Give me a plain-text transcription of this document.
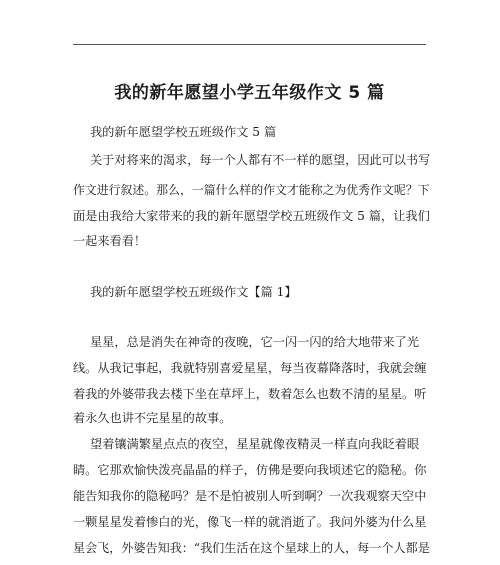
我的新年愿望小学五年级作文 5 篇
我的新年愿望学校五班级作文 5 篇
关于对将来的渴求，每一个人都有不一样的愿望，因此可以书写
作文进行叙述。那么，一篇什么样的作文才能称之为优秀作文呢？下
面是由我给大家带来的我的新年愿望学校五班级作文 5 篇，让我们
一起来看看！
我的新年愿望学校五班级作文【篇 1】
星星，总是消失在神奇的夜晚，它一闪一闪的给大地带来了光
线。从我记事起，我就特别喜爱星星，每当夜幕降落时，我就会缠
着我的外婆带我去楼下坐在草坪上，数着怎么也数不清的星星。听
着永久也讲不完星星的故事。
望着镶满繁星点点的夜空，星星就像夜精灵一样直向我眨着眼
睛。它那欢愉快泼亮晶晶的样子，仿佛是要向我顷述它的隐秘。你
能告知我你的隐秘吗？是不是怕被别人听到啊？一次我观察天空中
一颗星星发着惨白的光，像飞一样的就消逝了。我问外婆为什么星
星会飞，外婆告知我：“我们生活在这个星球上的人，每一个人都是
